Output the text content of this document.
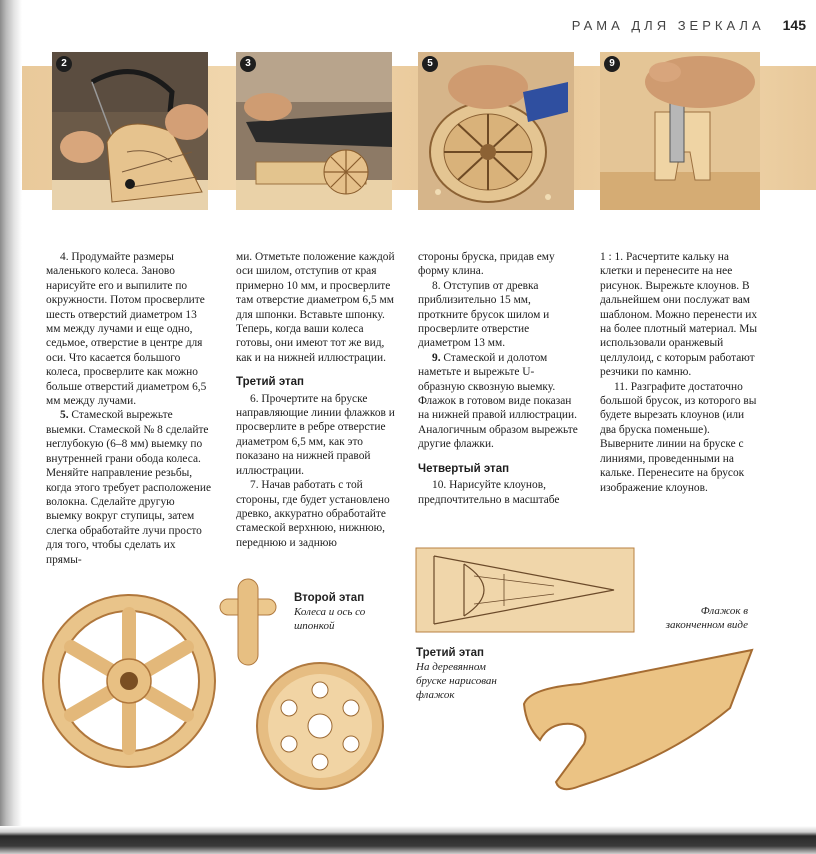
РАМА ДЛЯ ЗЕРКАЛА 145
2	3	5	9

4. Продумайте размеры маленького колеса. Заново нарисуйте его и выпилите по окружности. Потом просверлите шесть отверстий диаметром 13 мм между лучами и еще одно, седьмое, отверстие в центре для оси. Что касается большого колеса, просверлите как можно больше отверстий диаметром 6,5 мм между лучами.

5. Стамеской вырежьте выемки. Стамеской № 8 сделайте неглубокую (6–8 мм) выемку по внутренней грани обода колеса. Меняйте направление резьбы, когда этого требует расположение волокна. Сделайте другую выемку вокруг ступицы, затем слегка обработайте лучи просто для того, чтобы сделать их прямы-

ми. Отметьте положение каждой оси шилом, отступив от края примерно 10 мм, и просверлите там отверстие диаметром 6,5 мм для шпонки. Вставьте шпонку. Теперь, когда ваши колеса готовы, они имеют тот же вид, как и на нижней иллюстрации.

Третий этап

6. Прочертите на бруске направляющие линии флажков и просверлите в ребре отверстие диаметром 6,5 мм, как это показано на нижней правой иллюстрации.

7. Начав работать с той стороны, где будет установлено древко, аккуратно обработайте стамеской верхнюю, нижнюю, переднюю и заднюю

стороны бруска, придав ему форму клина.

8. Отступив от древка приблизительно 15 мм, проткните брусок шилом и просверлите отверстие диаметром 13 мм.

9. Стамеской и долотом наметьте и вырежьте U-образную сквозную выемку. Флажок в готовом виде показан на нижней правой иллюстрации. Аналогичным образом вырежьте другие флажки.

Четвертый этап

10. Нарисуйте клоунов, предпочтительно в масштабе

1 : 1. Расчертите кальку на клетки и перенесите на нее рисунок. Вырежьте клоунов. В дальнейшем они послужат вам шаблоном. Можно перенести их на более плотный материал. Мы использовали оранжевый целлулоид, с которым работают резчики по камню.

11. Разграфите достаточно большой брусок, из которого вы будете вырезать клоунов (или два бруска поменьше). Выверните линии на бруске с линиями, проведенными на кальке. Перенесите на брусок изображение клоунов.

Второй этап
Колеса и ось со шпонкой
Третий этап
На деревянном бруске нарисован флажок
Флажок в законченном виде
